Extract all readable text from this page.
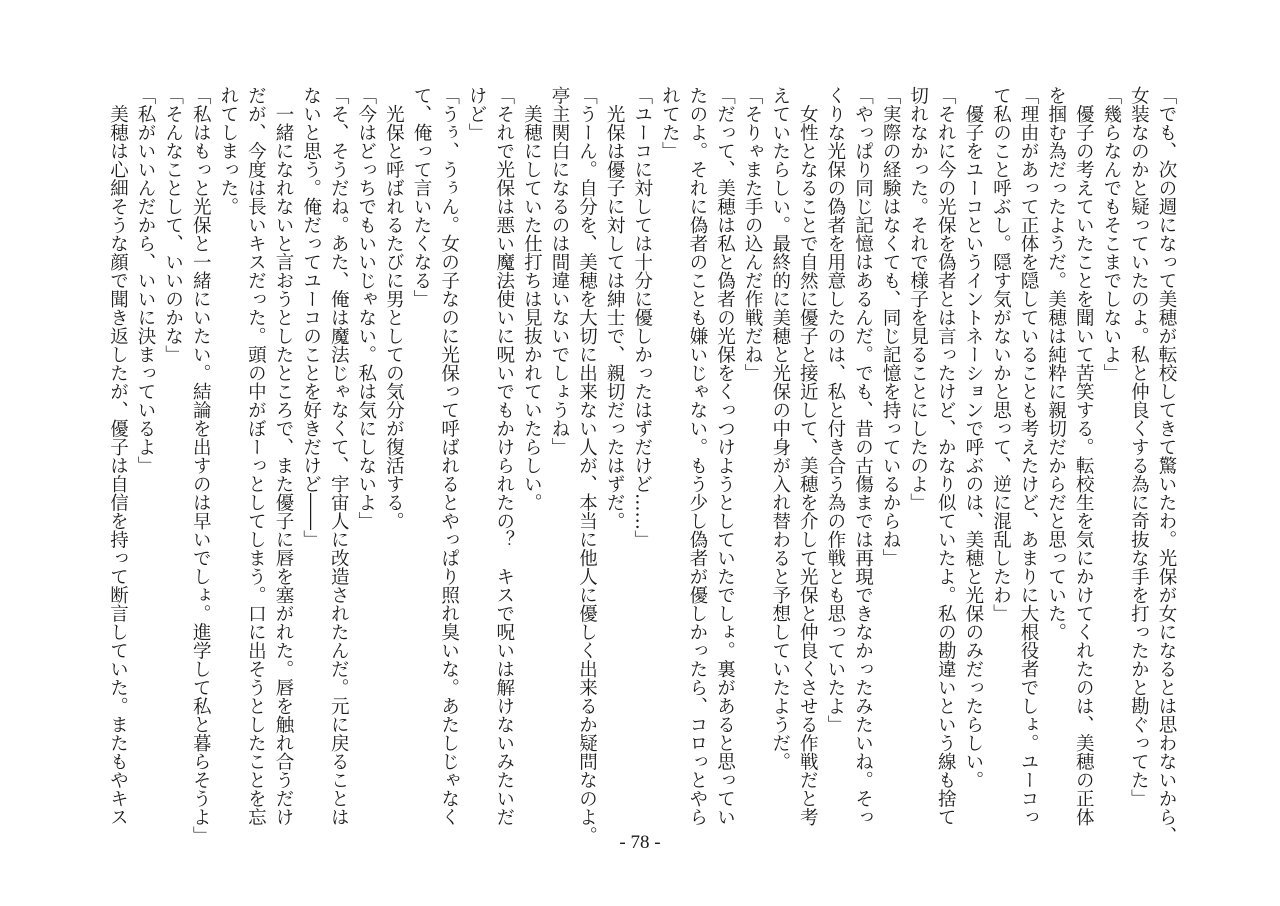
「でも、次の週になって美穂が転校してきて驚いたわ。光保が女になるとは思わないから、
女装なのかと疑っていたのよ。私と仲良くする為に奇抜な手を打ったかと勘ぐってた」
「幾らなんでもそこまでしないよ」
　優子の考えていたことを聞いて苦笑する。転校生を気にかけてくれたのは、美穂の正体
を掴む為だったようだ。美穂は純粋に親切だからだと思っていた。
「理由があって正体を隠していることも考えたけど、あまりに大根役者でしょ。ユーコっ
て私のこと呼ぶし。隠す気がないかと思って、逆に混乱したわ」
　優子をユーコというイントネーションで呼ぶのは、美穂と光保のみだったらしい。
「それに今の光保を偽者とは言ったけど、かなり似ていたよ。私の勘違いという線も捨て
切れなかった。それで様子を見ることにしたのよ」
「実際の経験はなくても、同じ記憶を持っているからね」
「やっぱり同じ記憶はあるんだ。でも、昔の古傷までは再現できなかったみたいね。そっ
くりな光保の偽者を用意したのは、私と付き合う為の作戦とも思っていたよ」
　女性となることで自然に優子と接近して、美穂を介して光保と仲良くさせる作戦だと考
えていたらしい。最終的に美穂と光保の中身が入れ替わると予想していたようだ。
「そりゃまた手の込んだ作戦だね」
「だって、美穂は私と偽者の光保をくっつけようとしていたでしょ。裏があると思ってい
たのよ。それに偽者のことも嫌いじゃない。もう少し偽者が優しかったら、コロっとやら
れてた」
「ユーコに対しては十分に優しかったはずだけど……」
　光保は優子に対しては紳士で、親切だったはずだ。
「うーん。自分を、美穂を大切に出来ない人が、本当に他人に優しく出来るか疑問なのよ。
亭主関白になるのは間違いないでしょうね」
　美穂にしていた仕打ちは見抜かれていたらしい。
「それで光保は悪い魔法使いに呪いでもかけられたの？　キスで呪いは解けないみたいだ
けど」
「うぅ、うぅん。女の子なのに光保って呼ばれるとやっぱり照れ臭いな。あたしじゃなく
て、俺って言いたくなる」
　光保と呼ばれるたびに男としての気分が復活する。
「今はどっちでもいいじゃない。私は気にしないよ」
「そ、そうだね。あた、俺は魔法じゃなくて、宇宙人に改造されたんだ。元に戻ることは
ないと思う。俺だってユーコのことを好きだけど――」
　一緒になれないと言おうとしたところで、また優子に唇を塞がれた。唇を触れ合うだけ
だが、今度は長いキスだった。頭の中がぼーっとしてしまう。口に出そうとしたことを忘
れてしまった。
「私はもっと光保と一緒にいたい。結論を出すのは早いでしょ。進学して私と暮らそうよ」
「そんなことして、いいのかな」
「私がいいんだから、いいに決まっているよ」
　美穂は心細そうな顔で聞き返したが、優子は自信を持って断言していた。またもやキス
- 78 -
